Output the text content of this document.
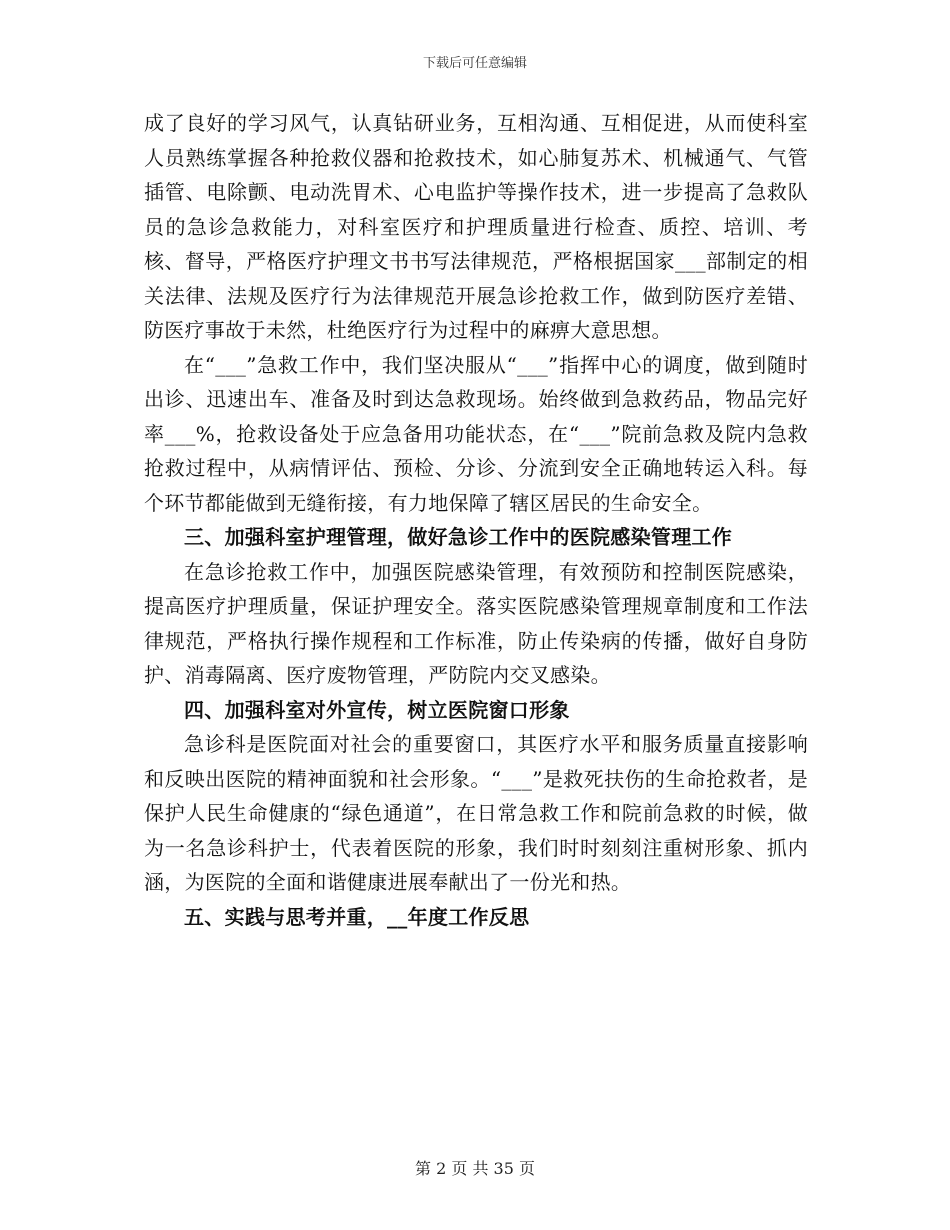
下载后可任意编辑

成了良好的学习风气，认真钻研业务，互相沟通、互相促进，从而使科室人员熟练掌握各种抢救仪器和抢救技术，如心肺复苏术、机械通气、气管插管、电除颤、电动洗胃术、心电监护等操作技术，进一步提高了急救队员的急诊急救能力，对科室医疗和护理质量进行检查、质控、培训、考核、督导，严格医疗护理文书书写法律规范，严格根据国家___部制定的相关法律、法规及医疗行为法律规范开展急诊抢救工作，做到防医疗差错、防医疗事故于未然，杜绝医疗行为过程中的麻痹大意思想。

在“___”急救工作中，我们坚决服从“___”指挥中心的调度，做到随时出诊、迅速出车、准备及时到达急救现场。始终做到急救药品，物品完好率___%，抢救设备处于应急备用功能状态，在“___”院前急救及院内急救抢救过程中，从病情评估、预检、分诊、分流到安全正确地转运入科。每个环节都能做到无缝衔接，有力地保障了辖区居民的生命安全。

三、加强科室护理管理，做好急诊工作中的医院感染管理工作

在急诊抢救工作中，加强医院感染管理，有效预防和控制医院感染，提高医疗护理质量，保证护理安全。落实医院感染管理规章制度和工作法律规范，严格执行操作规程和工作标准，防止传染病的传播，做好自身防护、消毒隔离、医疗废物管理，严防院内交叉感染。

四、加强科室对外宣传，树立医院窗口形象

急诊科是医院面对社会的重要窗口，其医疗水平和服务质量直接影响和反映出医院的精神面貌和社会形象。“___”是救死扶伤的生命抢救者，是保护人民生命健康的“绿色通道”，在日常急救工作和院前急救的时候，做为一名急诊科护士，代表着医院的形象，我们时时刻刻注重树形象、抓内涵，为医院的全面和谐健康进展奉献出了一份光和热。

五、实践与思考并重，__年度工作反思

第 2 页 共 35 页
